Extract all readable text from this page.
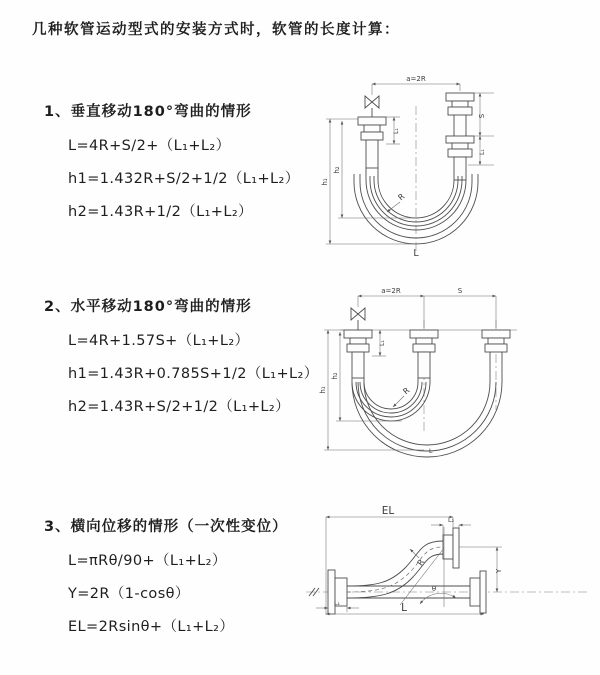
几种软管运动型式的安装方式时，软管的长度计算：
1、垂直移动180°弯曲的情形
L=4R+S/2+（L₁+L₂）
h1=1.432R+S/2+1/2（L₁+L₂）
h2=1.43R+1/2（L₁+L₂）
a=2R
h₁
h₂
L₁
S
L₁
R
L
2、水平移动180°弯曲的情形
L=4R+1.57S+（L₁+L₂）
h1=1.43R+0.785S+1/2（L₁+L₂）
h2=1.43R+S/2+1/2（L₁+L₂）
a=2R	S
h₁
h₂
L₁
R
L
3、横向位移的情形（一次性变位）
L=πRθ/90+（L₁+L₂）
Y=2R（1-cosθ）
EL=2Rsinθ+（L₁+L₂）
EL
L₂
Y
L
L₁
θ
R
